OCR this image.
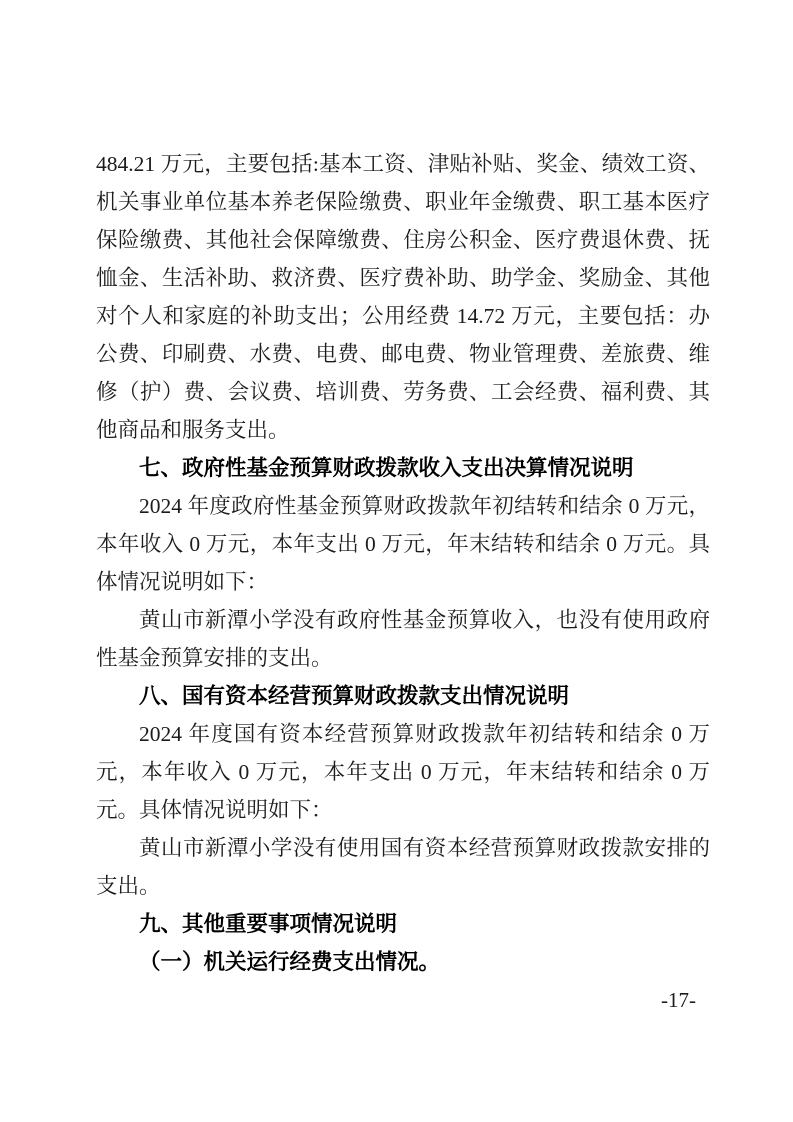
484.21 万元，主要包括:基本工资、津贴补贴、奖金、绩效工资、机关事业单位基本养老保险缴费、职业年金缴费、职工基本医疗保险缴费、其他社会保障缴费、住房公积金、医疗费退休费、抚恤金、生活补助、救济费、医疗费补助、助学金、奖励金、其他对个人和家庭的补助支出；公用经费 14.72 万元，主要包括：办公费、印刷费、水费、电费、邮电费、物业管理费、差旅费、维修（护）费、会议费、培训费、劳务费、工会经费、福利费、其他商品和服务支出。

七、政府性基金预算财政拨款收入支出决算情况说明

2024 年度政府性基金预算财政拨款年初结转和结余 0 万元，本年收入 0 万元，本年支出 0 万元，年末结转和结余 0 万元。具体情况说明如下：

黄山市新潭小学没有政府性基金预算收入，也没有使用政府性基金预算安排的支出。

八、国有资本经营预算财政拨款支出情况说明

2024 年度国有资本经营预算财政拨款年初结转和结余 0 万元，本年收入 0 万元，本年支出 0 万元，年末结转和结余 0 万元。具体情况说明如下：

黄山市新潭小学没有使用国有资本经营预算财政拨款安排的支出。

九、其他重要事项情况说明

（一）机关运行经费支出情况。

-17-
